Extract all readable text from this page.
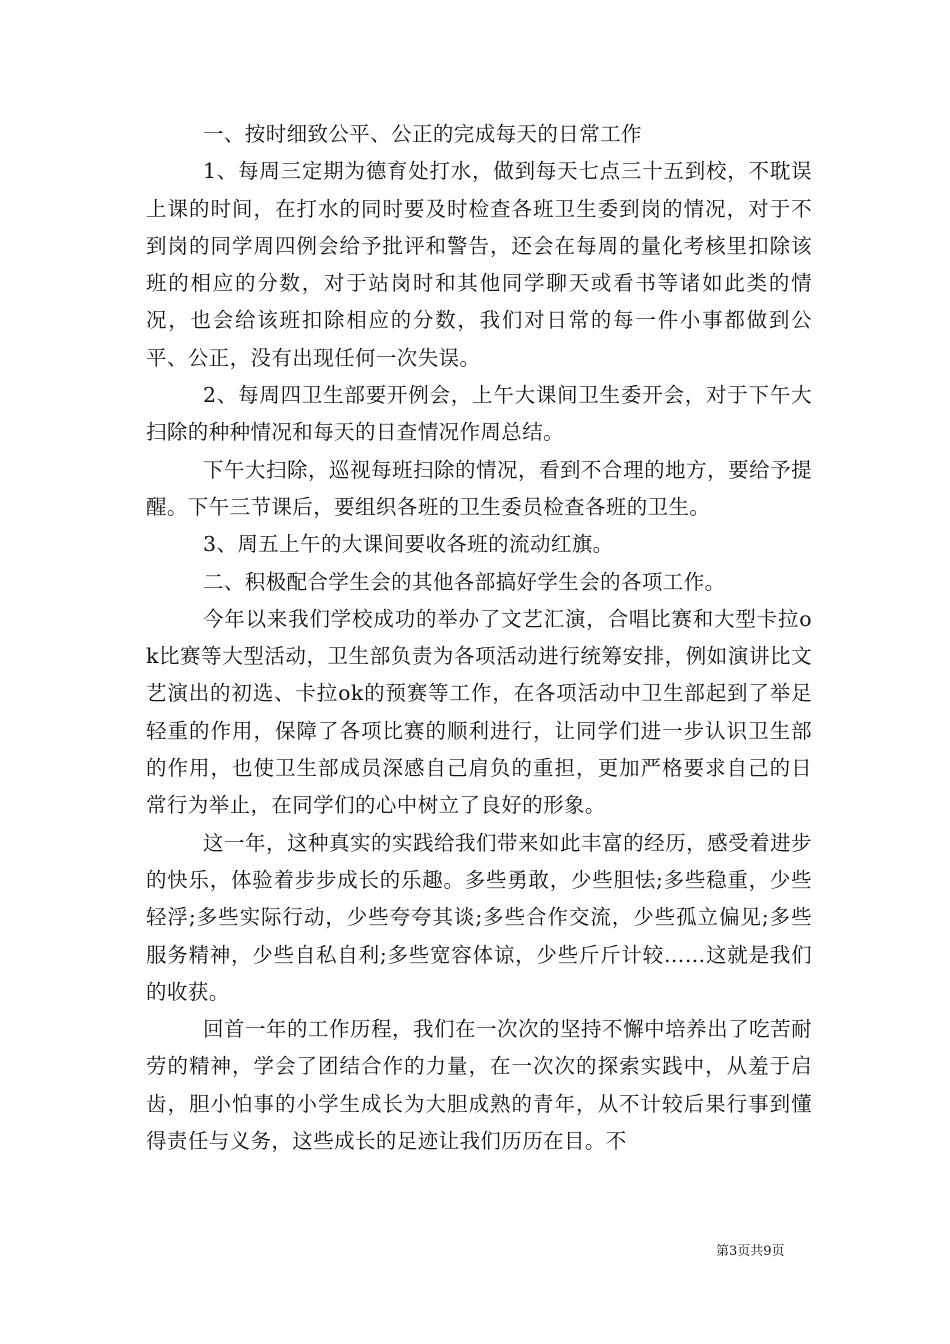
一、按时细致公平、公正的完成每天的日常工作

1、每周三定期为德育处打水，做到每天七点三十五到校，不耽误上课的时间，在打水的同时要及时检查各班卫生委到岗的情况，对于不到岗的同学周四例会给予批评和警告，还会在每周的量化考核里扣除该班的相应的分数，对于站岗时和其他同学聊天或看书等诸如此类的情况，也会给该班扣除相应的分数，我们对日常的每一件小事都做到公平、公正，没有出现任何一次失误。

2、每周四卫生部要开例会，上午大课间卫生委开会，对于下午大扫除的种种情况和每天的日查情况作周总结。

下午大扫除，巡视每班扫除的情况，看到不合理的地方，要给予提醒。下午三节课后，要组织各班的卫生委员检查各班的卫生。

3、周五上午的大课间要收各班的流动红旗。

二、积极配合学生会的其他各部搞好学生会的各项工作。

今年以来我们学校成功的举办了文艺汇演，合唱比赛和大型卡拉ok比赛等大型活动，卫生部负责为各项活动进行统筹安排，例如演讲比文艺演出的初选、卡拉ok的预赛等工作，在各项活动中卫生部起到了举足轻重的作用，保障了各项比赛的顺利进行，让同学们进一步认识卫生部的作用，也使卫生部成员深感自己肩负的重担，更加严格要求自己的日常行为举止，在同学们的心中树立了良好的形象。

这一年，这种真实的实践给我们带来如此丰富的经历，感受着进步的快乐，体验着步步成长的乐趣。多些勇敢，少些胆怯;多些稳重，少些轻浮;多些实际行动，少些夸夸其谈;多些合作交流，少些孤立偏见;多些服务精神，少些自私自利;多些宽容体谅，少些斤斤计较……这就是我们的收获。

回首一年的工作历程，我们在一次次的坚持不懈中培养出了吃苦耐劳的精神，学会了团结合作的力量，在一次次的探索实践中，从羞于启齿，胆小怕事的小学生成长为大胆成熟的青年，从不计较后果行事到懂得责任与义务，这些成长的足迹让我们历历在目。不

第3页共9页
